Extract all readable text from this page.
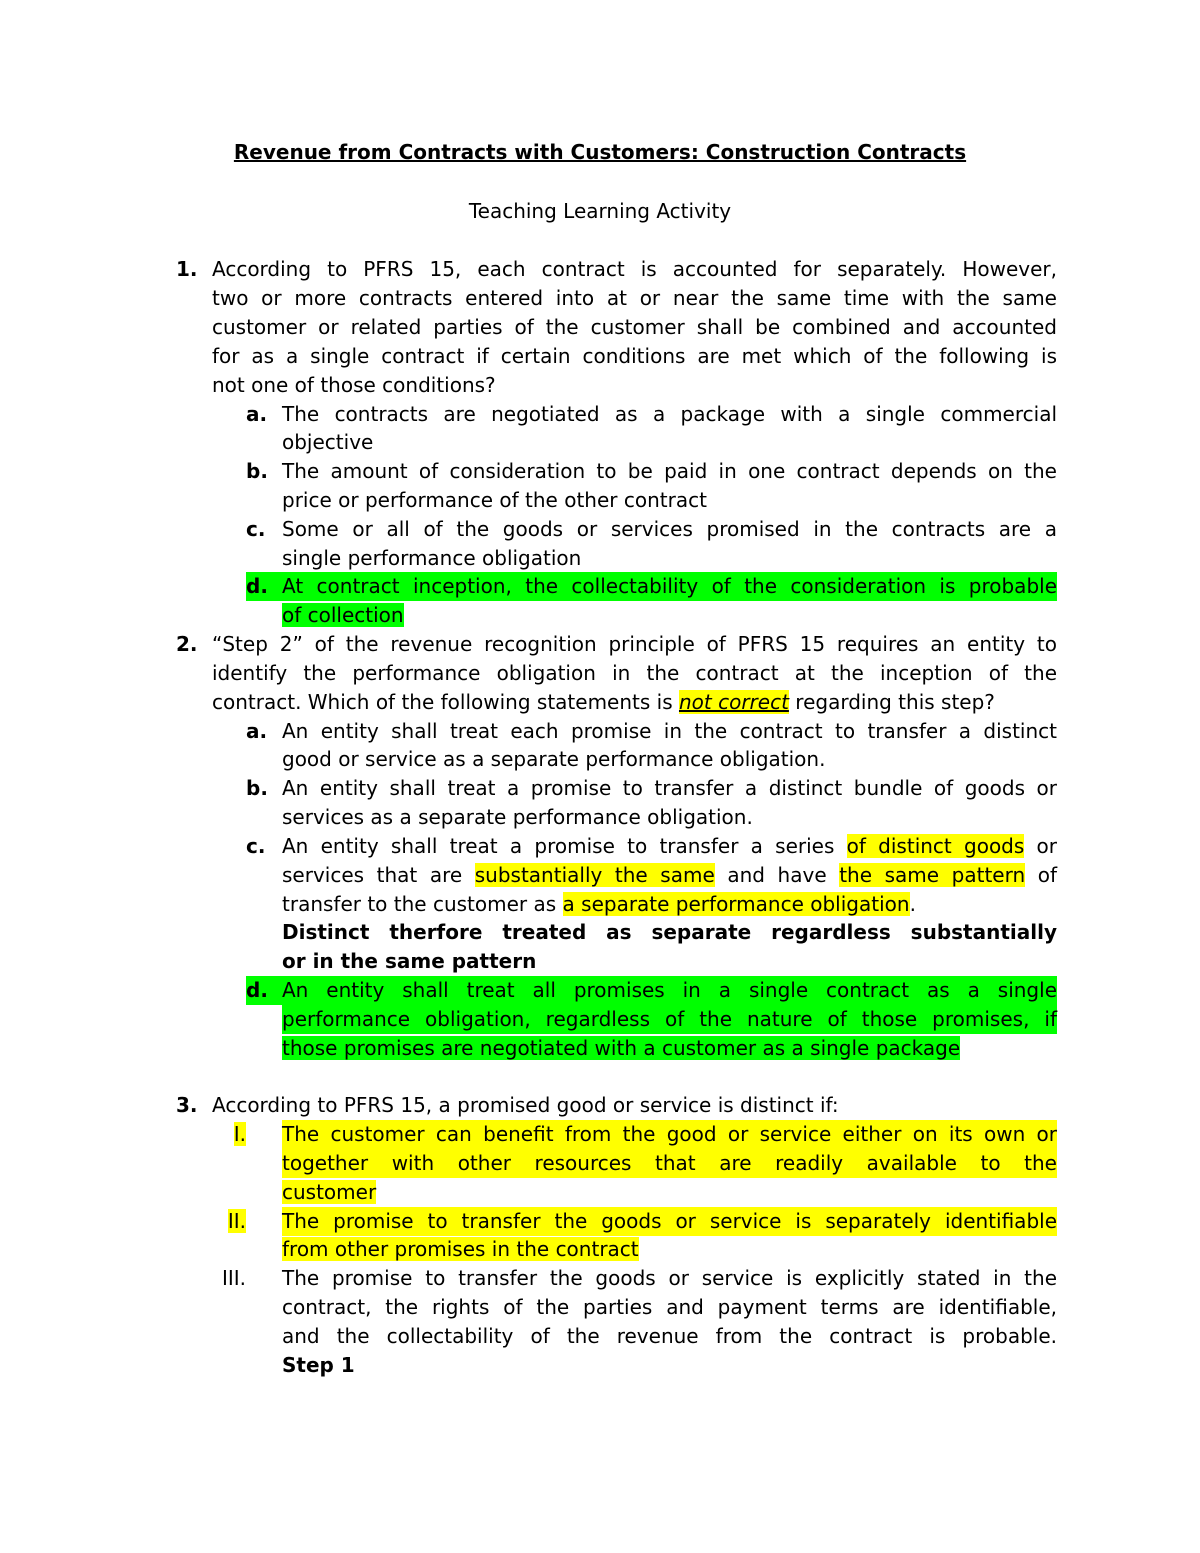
Revenue from Contracts with Customers: Construction Contracts
Teaching Learning Activity
1. According to PFRS 15, each contract is accounted for separately. However,
two or more contracts entered into at or near the same time with the same
customer or related parties of the customer shall be combined and accounted
for as a single contract if certain conditions are met which of the following is
not one of those conditions?
a. The contracts are negotiated as a package with a single commercial
objective
b. The amount of consideration to be paid in one contract depends on the
price or performance of the other contract
c. Some or all of the goods or services promised in the contracts are a
single performance obligation
d. At contract inception, the collectability of the consideration is probable
of collection
2. “Step 2” of the revenue recognition principle of PFRS 15 requires an entity to
identify the performance obligation in the contract at the inception of the
contract. Which of the following statements is not correct regarding this step?
a. An entity shall treat each promise in the contract to transfer a distinct
good or service as a separate performance obligation.
b. An entity shall treat a promise to transfer a distinct bundle of goods or
services as a separate performance obligation.
c. An entity shall treat a promise to transfer a series of distinct goods or
services that are substantially the same and have the same pattern of
transfer to the customer as a separate performance obligation.
Distinct therfore treated as separate regardless substantially
or in the same pattern
d. An entity shall treat all promises in a single contract as a single
performance obligation, regardless of the nature of those promises, if
those promises are negotiated with a customer as a single package
3. According to PFRS 15, a promised good or service is distinct if:
I. The customer can benefit from the good or service either on its own or
together with other resources that are readily available to the
customer
II. The promise to transfer the goods or service is separately identifiable
from other promises in the contract
III. The promise to transfer the goods or service is explicitly stated in the
contract, the rights of the parties and payment terms are identifiable,
and the collectability of the revenue from the contract is probable.
Step 1
